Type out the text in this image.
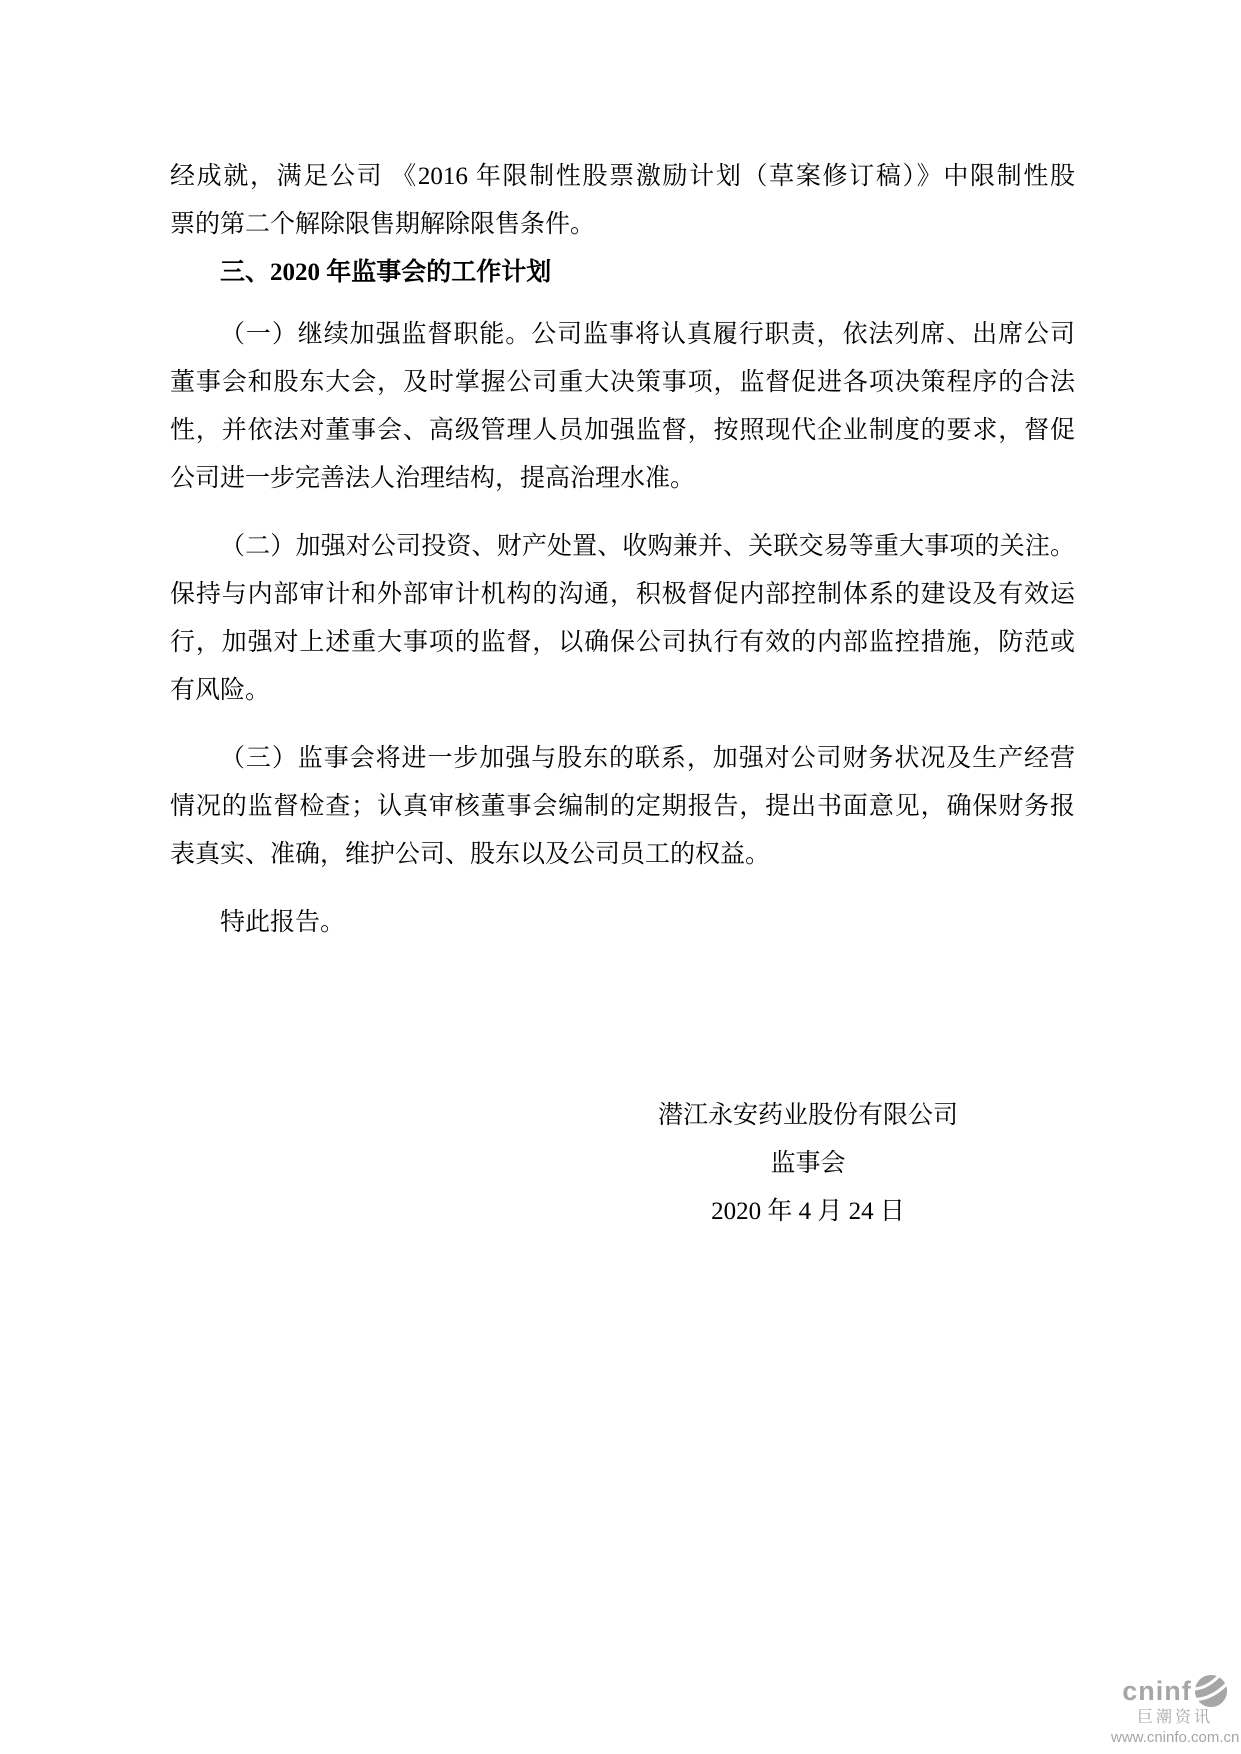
经成就，满足公司 《2016 年限制性股票激励计划（草案修订稿）》中限制性股
票的第二个解除限售期解除限售条件。
三、2020 年监事会的工作计划
（一）继续加强监督职能。公司监事将认真履行职责，依法列席、出席公司
董事会和股东大会，及时掌握公司重大决策事项，监督促进各项决策程序的合法
性，并依法对董事会、高级管理人员加强监督，按照现代企业制度的要求，督促
公司进一步完善法人治理结构，提高治理水准。
（二）加强对公司投资、财产处置、收购兼并、关联交易等重大事项的关注。
保持与内部审计和外部审计机构的沟通，积极督促内部控制体系的建设及有效运
行，加强对上述重大事项的监督，以确保公司执行有效的内部监控措施，防范或
有风险。
（三）监事会将进一步加强与股东的联系，加强对公司财务状况及生产经营
情况的监督检查；认真审核董事会编制的定期报告，提出书面意见，确保财务报
表真实、准确，维护公司、股东以及公司员工的权益。
特此报告。
潜江永安药业股份有限公司
监事会
2020 年 4 月 24 日
cninf
巨潮资讯
www.cninfo.com.cn
